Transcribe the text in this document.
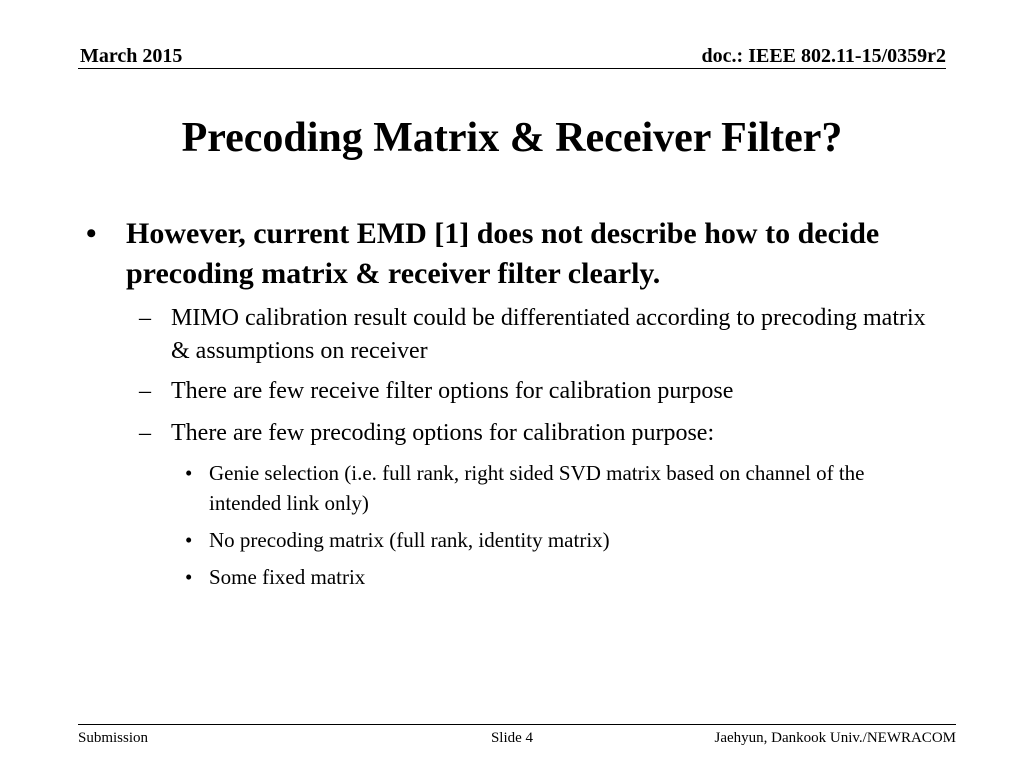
March 2015	doc.: IEEE 802.11-15/0359r2
Precoding Matrix & Receiver Filter?
• However, current EMD [1] does not describe how to decide precoding matrix & receiver filter clearly.
– MIMO calibration result could be differentiated according to precoding matrix & assumptions on receiver
– There are few receive filter options for calibration purpose
– There are few precoding options for calibration purpose:
• Genie selection (i.e. full rank, right sided SVD matrix based on channel of the intended link only)
• No precoding matrix (full rank, identity matrix)
• Some fixed matrix
Submission	Slide 4	Jaehyun, Dankook Univ./NEWRACOM
